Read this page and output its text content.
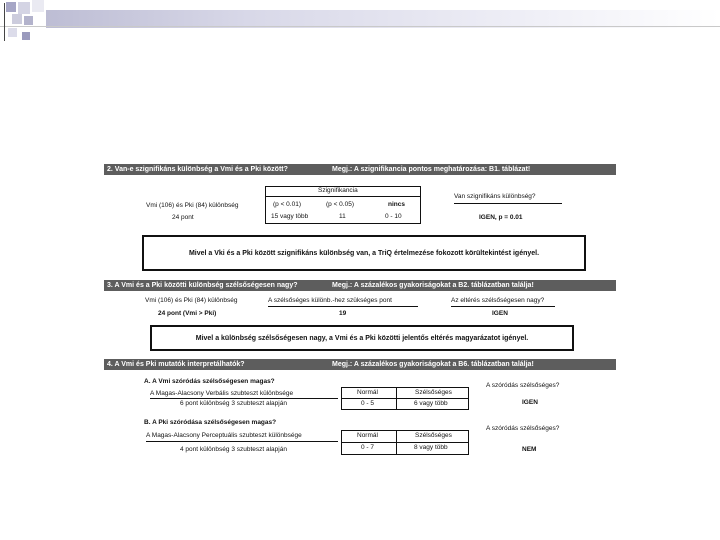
2. Van-e szignifikáns különbség a Vmi és a Pki között?	Megj.: A szignifikancia pontos meghatározása: B1. táblázat!
Vmi (106) és Pki (84) különbség
24 pont
Szignifikancia
(p < 0.01)	(p < 0.05)	nincs
15 vagy több	11	0 - 10
Van szignifikáns különbség?
IGEN, p = 0.01
Mivel a Vki és a Pki között szignifikáns különbség van, a TriQ értelmezése fokozott körültekintést igényel.
3. A Vmi és a Pki közötti különbség szélsőségesen nagy?	Megj.: A százalékos gyakoriságokat a B2. táblázatban találja!
Vmi (106) és Pki (84) különbség
24 pont (Vmi > Pki)
A szélsőséges különb.-hez szükséges pont
19
Az eltérés szélsőségesen nagy?
IGEN
Mivel a különbség szélsőségesen nagy, a Vmi és a Pki közötti jelentős eltérés magyarázatot igényel.
4. A Vmi és Pki mutatók interpretálhatók?	Megj.: A százalékos gyakoriságokat a B6. táblázatban találja!
A. A Vmi szóródás szélsőségesen magas?
A Magas-Alacsony Verbális szubteszt különbsége
6 pont különbség 3 szubteszt alapján
Normál	Szélsőséges
0 - 5	6 vagy több
A szóródás szélsőséges?
IGEN
B. A Pki szóródása szélsőségesen magas?
A Magas-Alacsony Perceptuális szubteszt különbsége
4 pont különbség 3 szubteszt alapján
Normál	Szélsőséges
0 - 7	8 vagy több
A szóródás szélsőséges?
NEM
